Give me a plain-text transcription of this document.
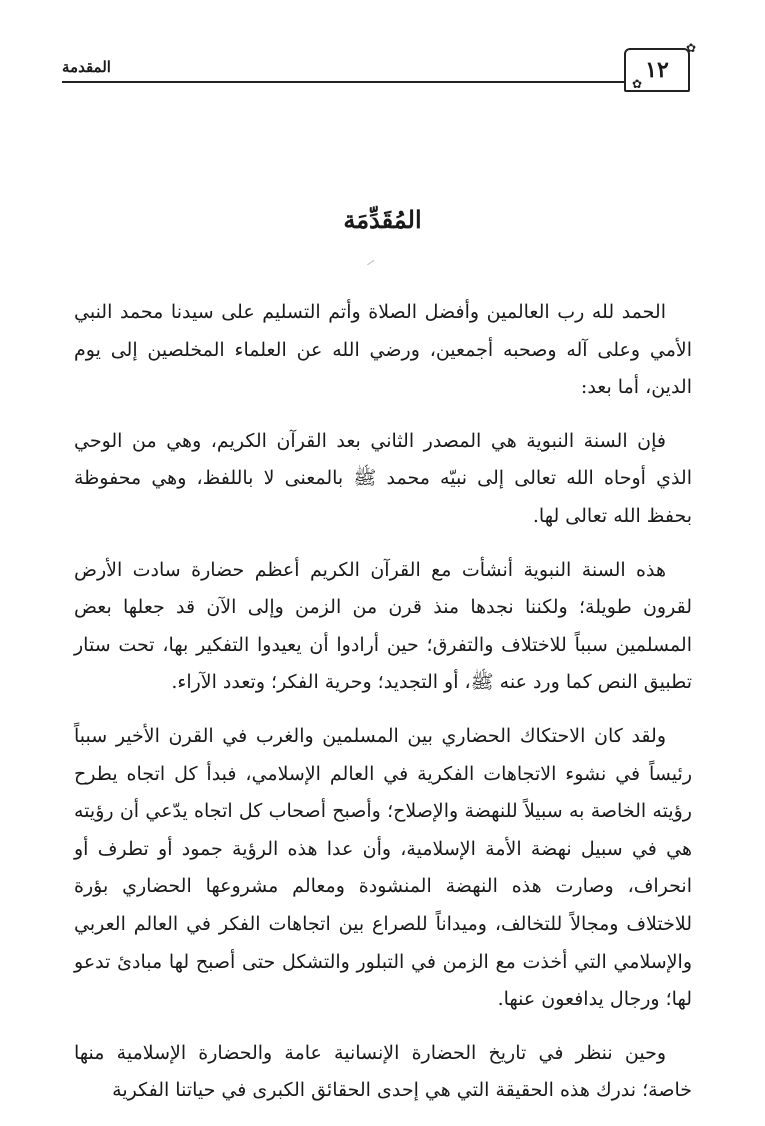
المقدمة	١٢
✿
✿
المُقَدِّمَة

الحمد لله رب العالمين وأفضل الصلاة وأتم التسليم على سيدنا محمد النبي الأمي وعلى آله وصحبه أجمعين، ورضي الله عن العلماء المخلصين إلى يوم الدين، أما بعد:

فإن السنة النبوية هي المصدر الثاني بعد القرآن الكريم، وهي من الوحي الذي أوحاه الله تعالى إلى نبيّه محمد ﷺ بالمعنى لا باللفظ، وهي محفوظة بحفظ الله تعالى لها.

هذه السنة النبوية أنشأت مع القرآن الكريم أعظم حضارة سادت الأرض لقرون طويلة؛ ولكننا نجدها منذ قرن من الزمن وإلى الآن قد جعلها بعض المسلمين سبباً للاختلاف والتفرق؛ حين أرادوا أن يعيدوا التفكير بها، تحت ستار تطبيق النص كما ورد عنه ﷺ، أو التجديد؛ وحرية الفكر؛ وتعدد الآراء.

ولقد كان الاحتكاك الحضاري بين المسلمين والغرب في القرن الأخير سبباً رئيساً في نشوء الاتجاهات الفكرية في العالم الإسلامي، فبدأ كل اتجاه يطرح رؤيته الخاصة به سبيلاً للنهضة والإصلاح؛ وأصبح أصحاب كل اتجاه يدّعي أن رؤيته هي في سبيل نهضة الأمة الإسلامية، وأن عدا هذه الرؤية جمود أو تطرف أو انحراف، وصارت هذه النهضة المنشودة ومعالم مشروعها الحضاري بؤرة للاختلاف ومجالاً للتخالف، وميداناً للصراع بين اتجاهات الفكر في العالم العربي والإسلامي التي أخذت مع الزمن في التبلور والتشكل حتى أصبح لها مبادئ تدعو لها؛ ورجال يدافعون عنها.

وحين ننظر في تاريخ الحضارة الإنسانية عامة والحضارة الإسلامية منها خاصة؛ ندرك هذه الحقيقة التي هي إحدى الحقائق الكبرى في حياتنا الفكرية
